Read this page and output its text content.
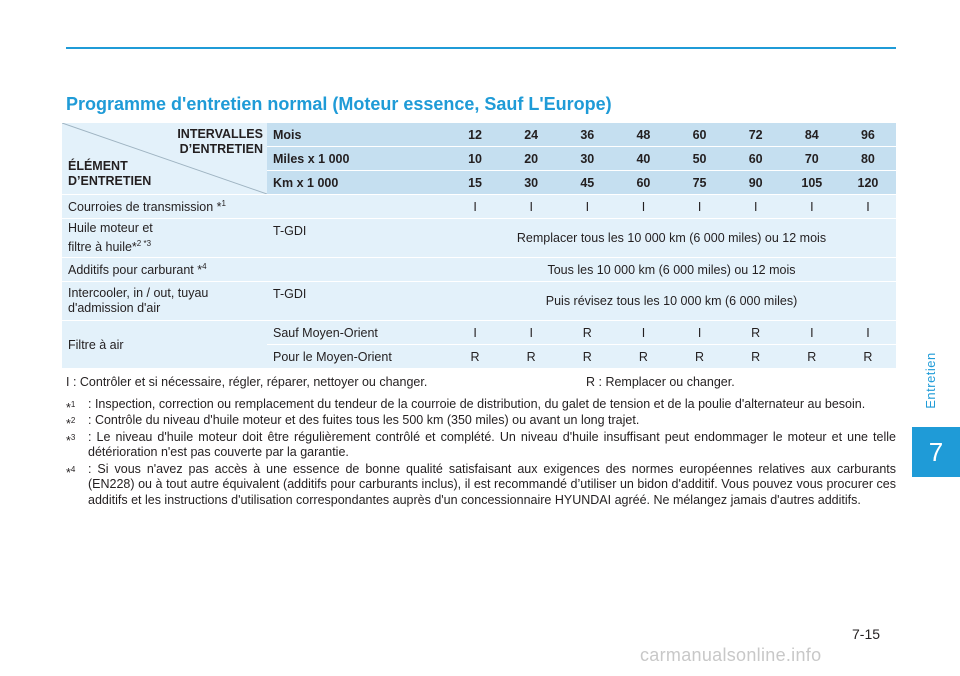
Entretien
7
Programme d'entretien normal (Moteur essence, Sauf L'Europe)
INTERVALLES
D’ENTRETIEN
ÉLÉMENT
D’ENTRETIEN	Mois	12	24	36	48	60	72	84	96
	Miles x 1 000	10	20	30	40	50	60	70	80
	Km x 1 000	15	30	45	60	75	90	105	120
Courroies de transmission *$^1$		I	I	I	I	I	I	I	I

Huile moteur et
filtre à huile*$^{2 *3}$	T-GDI	Remplacer tous les 10 000 km (6 000 miles) ou 12 mois							
Additifs pour carburant *$^4$		Tous les 10 000 km (6 000 miles) ou 12 mois							

Intercooler, in / out, tuyau
d'admission d'air	T-GDI	Puis révisez tous les 10 000 km (6 000 miles)							
Filtre à air	Sauf Moyen-Orient	I	I	R	I	I	R	I	I
	Pour le Moyen-Orient	R	R	R	R	R	R	R	R
I : Contrôler et si nécessaire, régler, réparer, nettoyer ou changer.	R : Remplacer ou changer.
*$^1$ : Inspection, correction ou remplacement du tendeur de la courroie de distribution, du galet de tension et de la poulie d'alternateur au besoin.
*$^2$ : Contrôle du niveau d'huile moteur et des fuites tous les 500 km (350 miles) ou avant un long trajet.
*$^3$ : Le niveau d'huile moteur doit être régulièrement contrôlé et complété. Un niveau d'huile insuffisant peut endommager le moteur et une telle détérioration n'est pas couverte par la garantie.
*$^4$ : Si vous n'avez pas accès à une essence de bonne qualité satisfaisant aux exigences des normes européennes relatives aux carburants (EN228) ou à tout autre équivalent (additifs pour carburants inclus), il est recommandé d’utiliser un bidon d'additif. Vous pouvez vous procurer ces additifs et les instructions d'utilisation correspondantes auprès d'un concessionnaire HYUNDAI agréé. Ne mélangez jamais d'autres additifs.
7-15
carmanualsonline.info
